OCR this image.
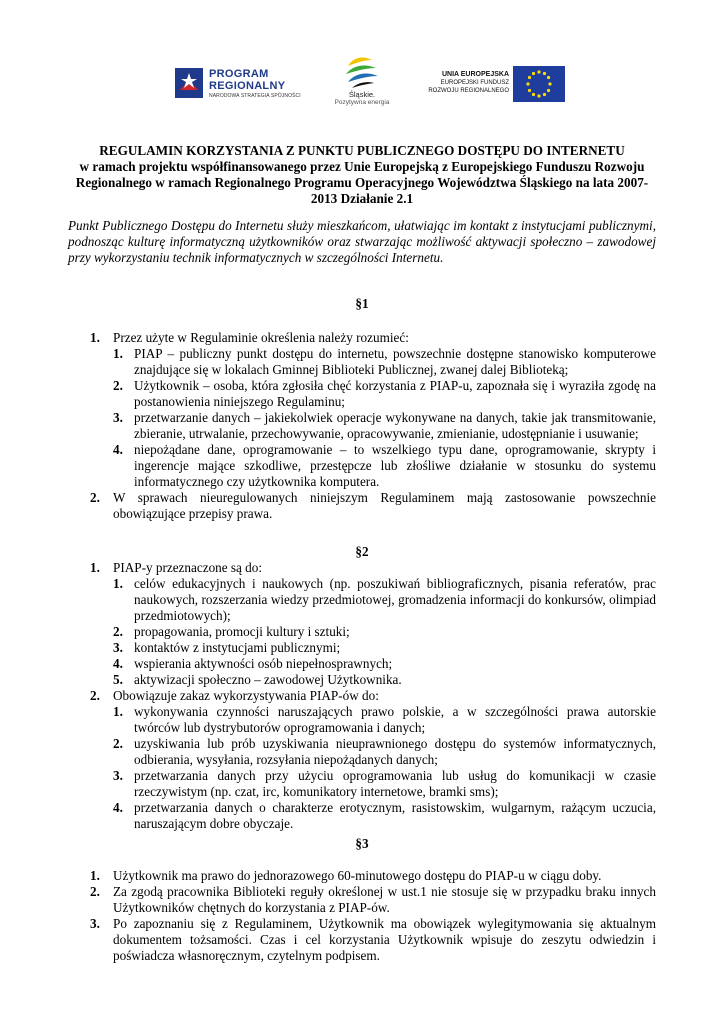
PROGRAM
REGIONALNY
NARODOWA STRATEGIA SPÓJNOŚCI	Śląskie.
Pozytywna energia
UNIA EUROPEJSKA
EUROPEJSKI FUNDUSZ
ROZWOJU REGIONALNEGO
REGULAMIN KORZYSTANIA Z PUNKTU PUBLICZNEGO DOSTĘPU DO INTERNETU
w ramach projektu współfinansowanego przez Unie Europejską z Europejskiego Funduszu Rozwoju
Regionalnego w ramach Regionalnego Programu Operacyjnego Województwa Śląskiego na lata 2007-
2013 Działanie 2.1
Punkt Publicznego Dostępu do Internetu służy mieszkańcom, ułatwiając im kontakt z instytucjami publicznymi, podnosząc kulturę informatyczną użytkowników oraz stwarzając możliwość aktywacji społeczno – zawodowej przy wykorzystaniu technik informatycznych w szczególności Internetu.
§1
1. Przez użyte w Regulaminie określenia należy rozumieć:
1. PIAP – publiczny punkt dostępu do internetu, powszechnie dostępne stanowisko komputerowe znajdujące się w lokalach Gminnej Biblioteki Publicznej, zwanej dalej Biblioteką;
2. Użytkownik – osoba, która zgłosiła chęć korzystania z PIAP-u, zapoznała się i wyraziła zgodę na postanowienia niniejszego Regulaminu;
3. przetwarzanie danych – jakiekolwiek operacje wykonywane na danych, takie jak transmitowanie, zbieranie, utrwalanie, przechowywanie, opracowywanie, zmienianie, udostępnianie i usuwanie;
4. niepożądane dane, oprogramowanie – to wszelkiego typu dane, oprogramowanie, skrypty i ingerencje mające szkodliwe, przestępcze lub złośliwe działanie w stosunku do systemu informatycznego czy użytkownika komputera.
2. W sprawach nieuregulowanych niniejszym Regulaminem mają zastosowanie powszechnie obowiązujące przepisy prawa.
§2
1. PIAP-y przeznaczone są do:
1. celów edukacyjnych i naukowych (np. poszukiwań bibliograficznych, pisania referatów, prac naukowych, rozszerzania wiedzy przedmiotowej, gromadzenia informacji do konkursów, olimpiad przedmiotowych);
2. propagowania, promocji kultury i sztuki;
3. kontaktów z instytucjami publicznymi;
4. wspierania aktywności osób niepełnosprawnych;
5. aktywizacji społeczno – zawodowej Użytkownika.
2. Obowiązuje zakaz wykorzystywania PIAP-ów do:
1. wykonywania czynności naruszających prawo polskie, a w szczególności prawa autorskie twórców lub dystrybutorów oprogramowania i danych;
2. uzyskiwania lub prób uzyskiwania nieuprawnionego dostępu do systemów informatycznych, odbierania, wysyłania, rozsyłania niepożądanych danych;
3. przetwarzania danych przy użyciu oprogramowania lub usług do komunikacji w czasie rzeczywistym (np. czat, irc, komunikatory internetowe, bramki sms);
4. przetwarzania danych o charakterze erotycznym, rasistowskim, wulgarnym, rażącym uczucia, naruszającym dobre obyczaje.
§3
1. Użytkownik ma prawo do jednorazowego 60-minutowego dostępu do PIAP-u w ciągu doby.
2. Za zgodą pracownika Biblioteki reguły określonej w ust.1 nie stosuje się w przypadku braku innych Użytkowników chętnych do korzystania z PIAP-ów.
3. Po zapoznaniu się z Regulaminem, Użytkownik ma obowiązek wylegitymowania się aktualnym dokumentem tożsamości. Czas i cel korzystania Użytkownik wpisuje do zeszytu odwiedzin i poświadcza własnoręcznym, czytelnym podpisem.
